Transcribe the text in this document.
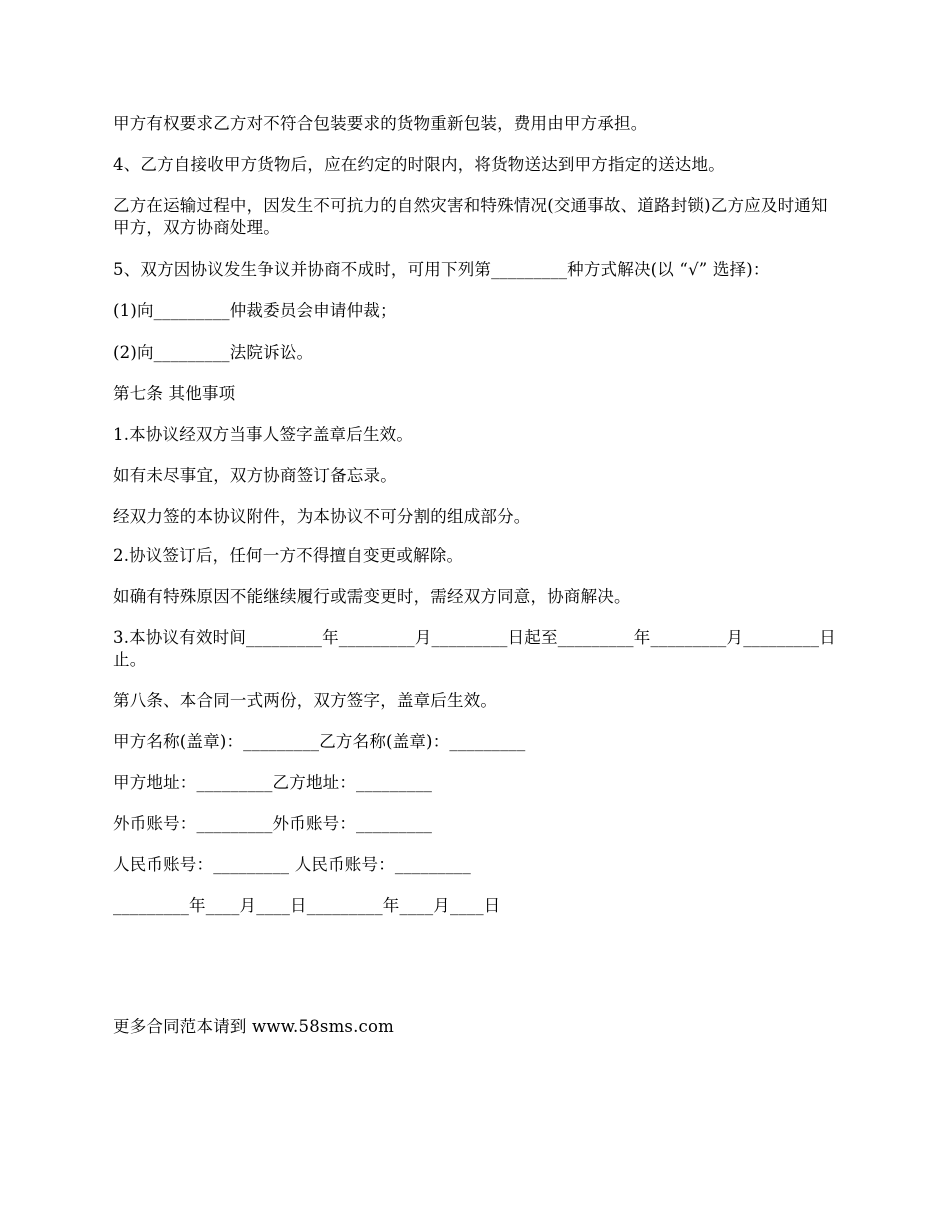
甲方有权要求乙方对不符合包装要求的货物重新包装，费用由甲方承担。

4、乙方自接收甲方货物后，应在约定的时限内，将货物送达到甲方指定的送达地。

乙方在运输过程中，因发生不可抗力的自然灾害和特殊情况(交通事故、道路封锁)乙方应及时通知甲方，双方协商处理。

5、双方因协议发生争议并协商不成时，可用下列第_________种方式解决(以 “√” 选择)：

(1)向_________仲裁委员会申请仲裁；

(2)向_________法院诉讼。

第七条 其他事项

1.本协议经双方当事人签字盖章后生效。

如有未尽事宜，双方协商签订备忘录。

经双力签的本协议附件，为本协议不可分割的组成部分。

2.协议签订后，任何一方不得擅自变更或解除。

如确有特殊原因不能继续履行或需变更时，需经双方同意，协商解决。

3.本协议有效时间_________年_________月_________日起至_________年_________月_________日止。

第八条、本合同一式两份，双方签字，盖章后生效。

甲方名称(盖章)：_________乙方名称(盖章)：_________

甲方地址：_________乙方地址：_________

外币账号：_________外币账号：_________

人民币账号：_________ 人民币账号：_________

_________年____月____日_________年____月____日

更多合同范本请到 www.58sms.com
